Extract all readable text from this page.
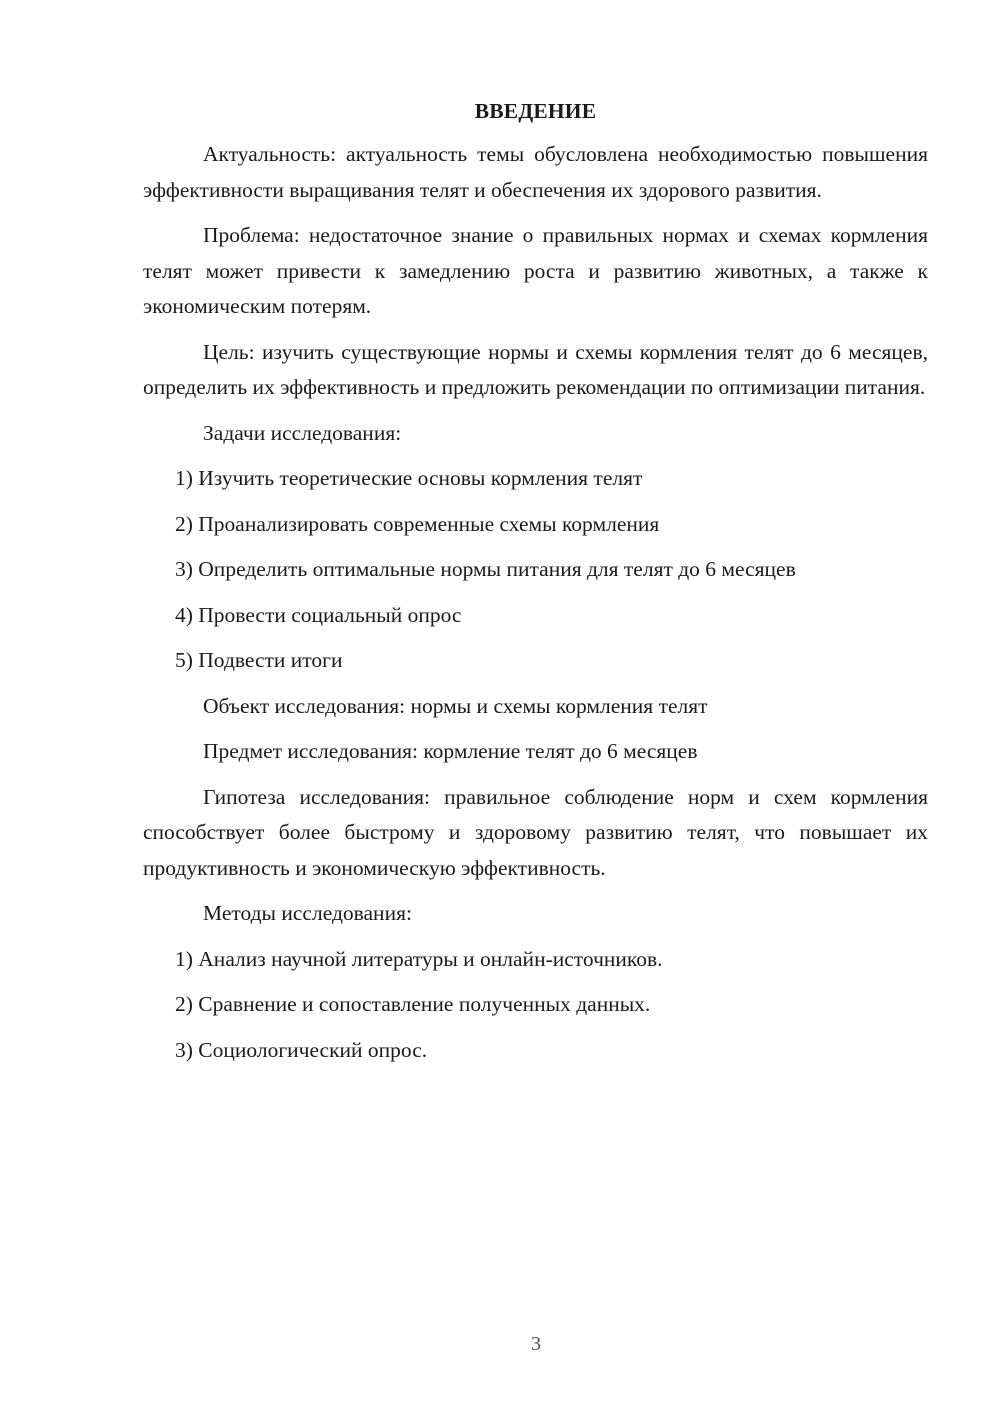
ВВЕДЕНИЕ

Актуальность: актуальность темы обусловлена необходимостью повышения эффективности выращивания телят и обеспечения их здорового развития.

Проблема: недостаточное знание о правильных нормах и схемах кормления телят может привести к замедлению роста и развитию животных, а также к экономическим потерям.

Цель: изучить существующие нормы и схемы кормления телят до 6 месяцев, определить их эффективность и предложить рекомендации по оптимизации питания.

Задачи исследования:

1) Изучить теоретические основы кормления телят
2) Проанализировать современные схемы кормления
3) Определить оптимальные нормы питания для телят до 6 месяцев
4) Провести социальный опрос
5) Подвести итоги

Объект исследования: нормы и схемы кормления телят

Предмет исследования: кормление телят до 6 месяцев

Гипотеза исследования: правильное соблюдение норм и схем кормления способствует более быстрому и здоровому развитию телят, что повышает их продуктивность и экономическую эффективность.

Методы исследования:

1) Анализ научной литературы и онлайн-источников.
2) Сравнение и сопоставление полученных данных.
3) Социологический опрос.
3
